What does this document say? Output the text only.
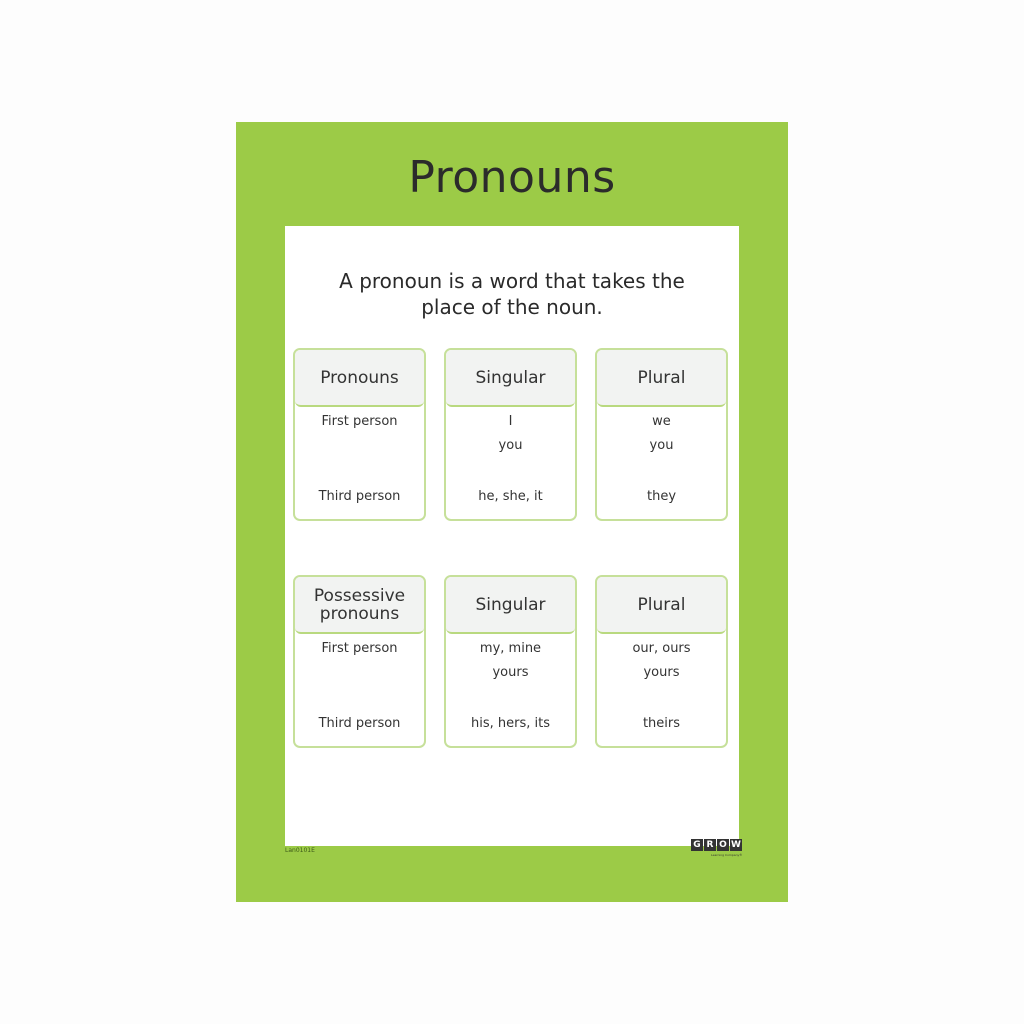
Pronouns
A pronoun is a word that takes the place of the noun.
Pronouns
First person
Third person
Singular
I
you
he, she, it
Plural
we
you
they
Possessive pronouns
First person
Third person
Singular
my, mine
yours
his, hers, its
Plural
our, ours
yours
theirs
Lan0101E
G R O W
Learning Company®
